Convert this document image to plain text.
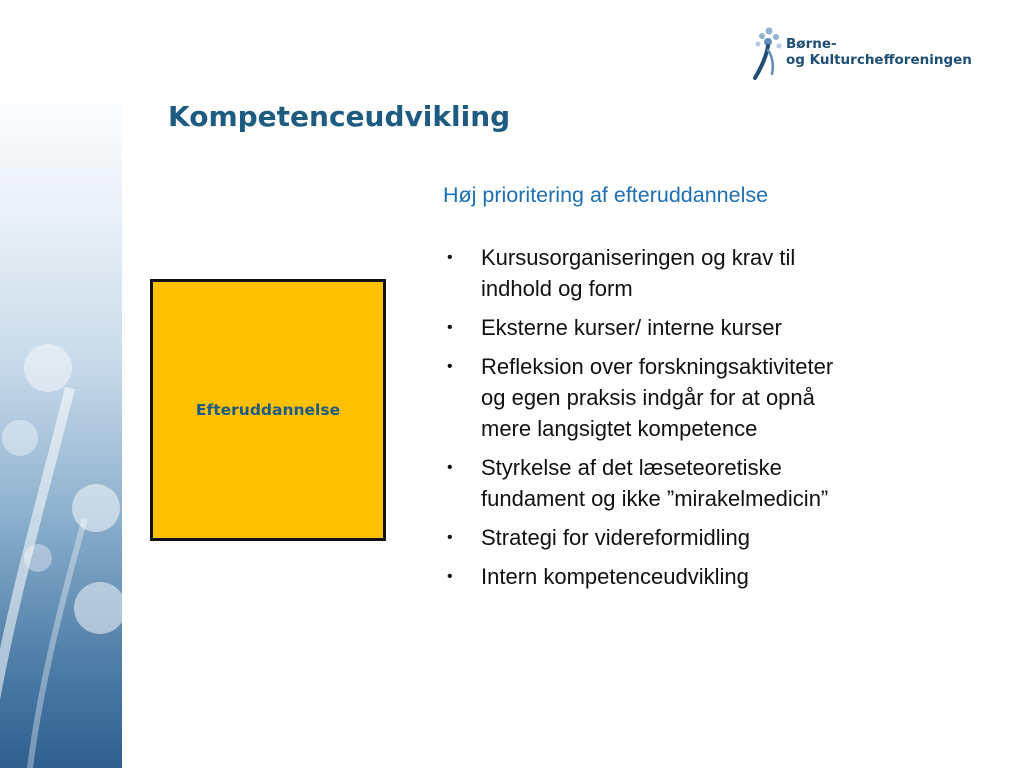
Børne-
og Kulturchefforeningen
Kompetenceudvikling
Efteruddannelse

Høj prioritering af efteruddannelse

• Kursusorganiseringen og krav til
indhold og form
• Eksterne kurser/ interne kurser
• Refleksion over forskningsaktiviteter
og egen praksis indgår for at opnå
mere langsigtet kompetence
• Styrkelse af det læseteoretiske
fundament og ikke ”mirakelmedicin”
• Strategi for videreformidling
• Intern kompetenceudvikling
